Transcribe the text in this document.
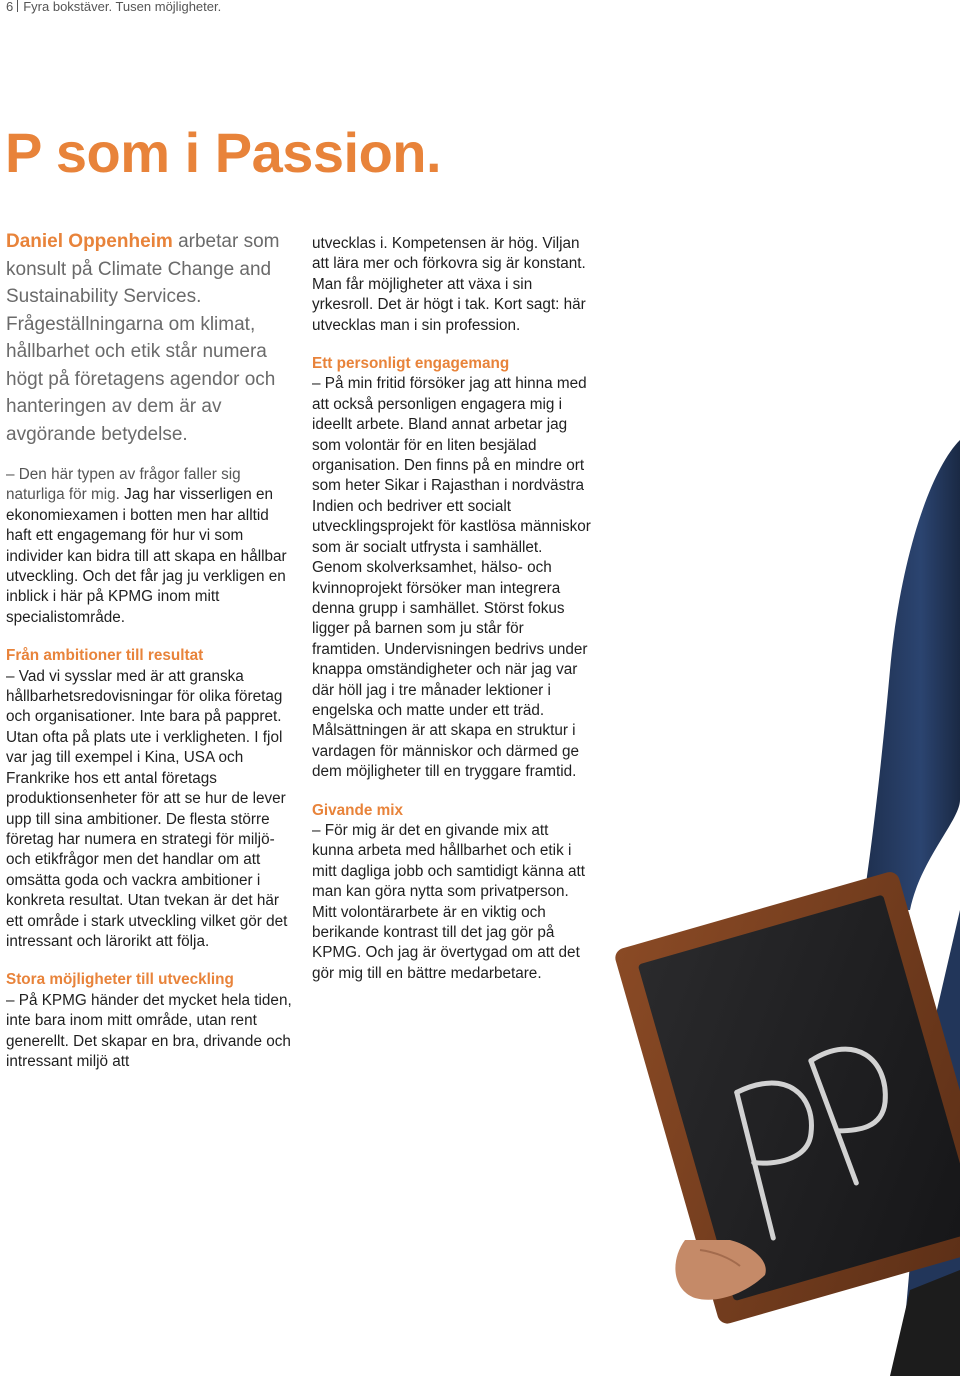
6 Fyra bokstäver. Tusen möjligheter.
P som i Passion.

Daniel Oppenheim arbetar som konsult på Climate Change and Sustainability Services. Frågeställningarna om klimat, hållbarhet och etik står numera högt på företagens agendor och hanteringen av dem är av avgörande betydelse.

– Den här typen av frågor faller sig naturliga för mig. Jag har visserligen en ekonomiexamen i botten men har alltid haft ett engagemang för hur vi som individer kan bidra till att skapa en hållbar utveckling. Och det får jag ju verkligen en inblick i här på KPMG inom mitt specialistområde.

Från ambitioner till resultat

– Vad vi sysslar med är att granska hållbarhetsredovisningar för olika företag och organisationer. Inte bara på pappret. Utan ofta på plats ute i verkligheten. I fjol var jag till exempel i Kina, USA och Frankrike hos ett antal företags produktionsenheter för att se hur de lever upp till sina ambitioner. De flesta större företag har numera en strategi för miljö- och etikfrågor men det handlar om att omsätta goda och vackra ambitioner i konkreta resultat. Utan tvekan är det här ett område i stark utveckling vilket gör det intressant och lärorikt att följa.

Stora möjligheter till utveckling

– På KPMG händer det mycket hela tiden, inte bara inom mitt område, utan rent generellt. Det skapar en bra, drivande och intressant miljö att

utvecklas i. Kompetensen är hög. Viljan att lära mer och förkovra sig är konstant. Man får möjligheter att växa i sin yrkesroll. Det är högt i tak. Kort sagt: här utvecklas man i sin profession.

Ett personligt engagemang

– På min fritid försöker jag att hinna med att också personligen engagera mig i ideellt arbete. Bland annat arbetar jag som volontär för en liten besjälad organisation. Den finns på en mindre ort som heter Sikar i Rajasthan i nordvästra Indien och bedriver ett socialt utvecklingsprojekt för kastlösa människor som är socialt utfrysta i samhället. Genom skolverksamhet, hälso- och kvinnoprojekt försöker man integrera denna grupp i samhället. Störst fokus ligger på barnen som ju står för framtiden. Undervisningen bedrivs under knappa omständigheter och när jag var där höll jag i tre månader lektioner i engelska och matte under ett träd. Målsättningen är att skapa en struktur i vardagen för människor och därmed ge dem möjligheter till en tryggare framtid.

Givande mix

– För mig är det en givande mix att kunna arbeta med hållbarhet och etik i mitt dagliga jobb och samtidigt känna att man kan göra nytta som privatperson. Mitt volontärarbete är en viktig och berikande kontrast till det jag gör på KPMG. Och jag är övertygad om att det gör mig till en bättre medarbetare.
